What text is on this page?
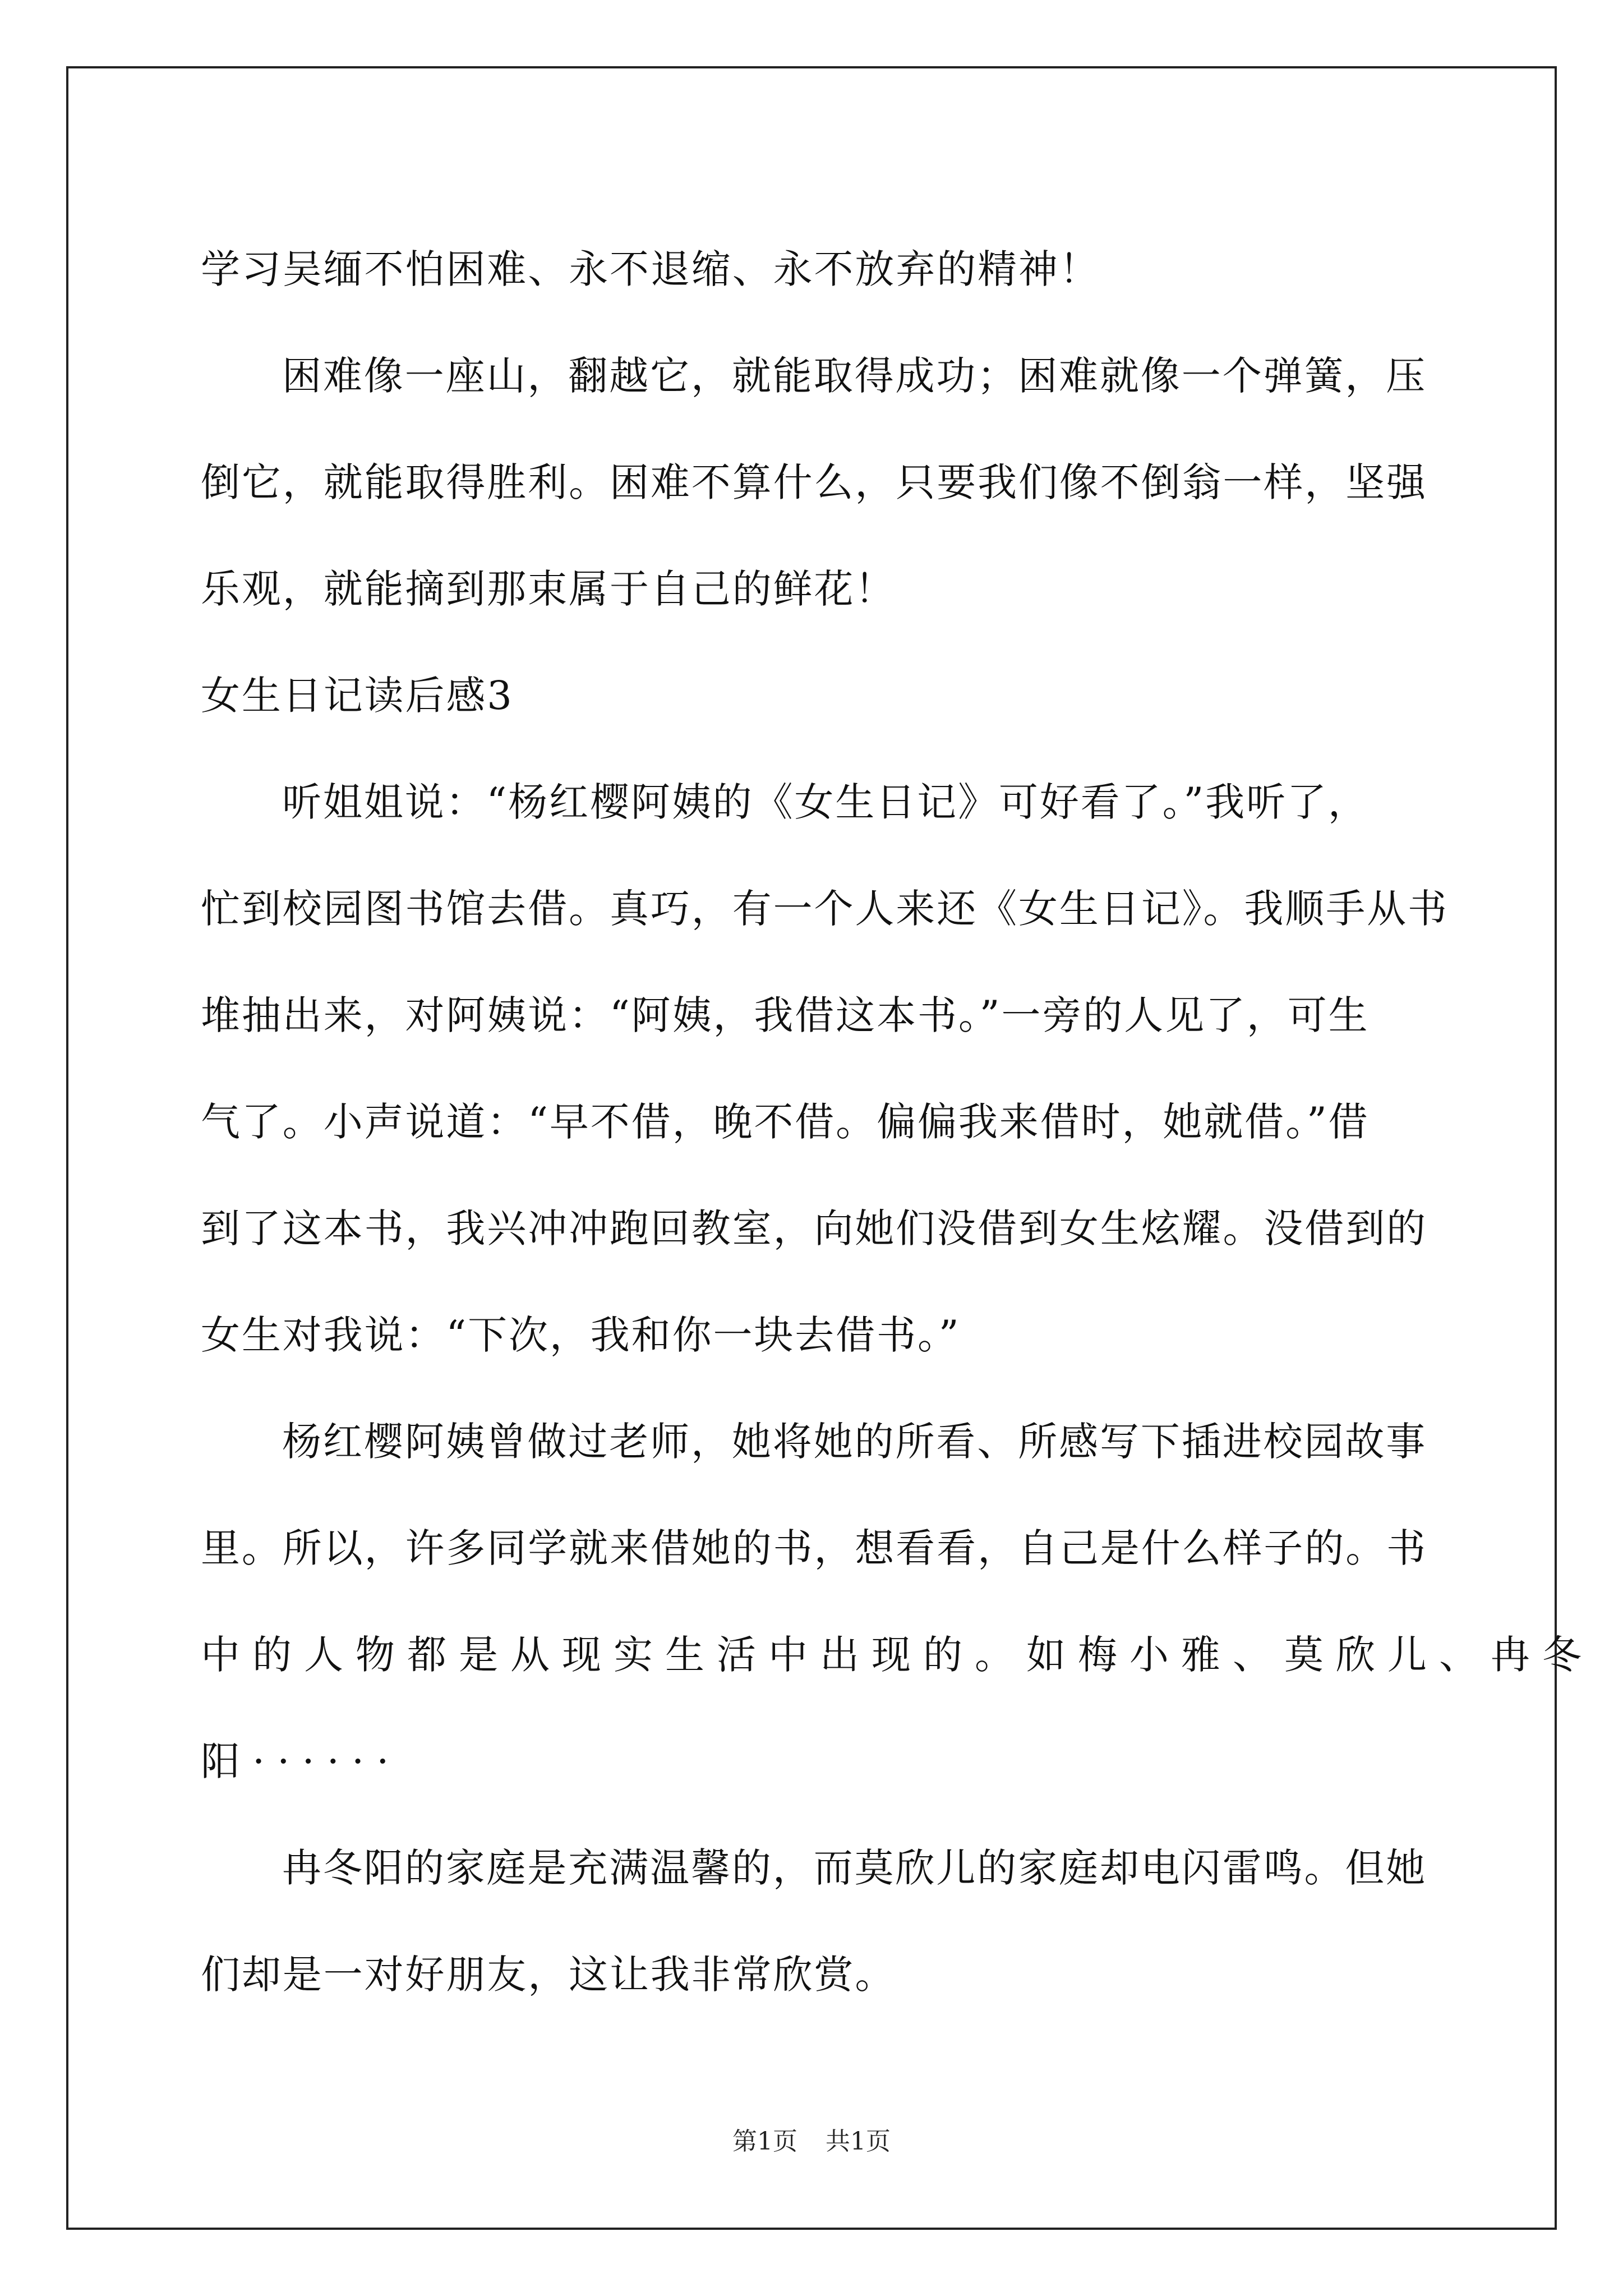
学习吴缅不怕困难、永不退缩、永不放弃的精神！
困难像一座山，翻越它，就能取得成功；困难就像一个弹簧，压
倒它，就能取得胜利。困难不算什么，只要我们像不倒翁一样，坚强
乐观，就能摘到那束属于自己的鲜花！
女生日记读后感3
听姐姐说：“杨红樱阿姨的《女生日记》可好看了。”我听了，
忙到校园图书馆去借。真巧，有一个人来还《女生日记》。我顺手从书
堆抽出来，对阿姨说：“阿姨，我借这本书。”一旁的人见了，可生
气了。小声说道：“早不借，晚不借。偏偏我来借时，她就借。”借
到了这本书，我兴冲冲跑回教室，向她们没借到女生炫耀。没借到的
女生对我说：“下次，我和你一块去借书。”
杨红樱阿姨曾做过老师，她将她的所看、所感写下插进校园故事
里。所以，许多同学就来借她的书，想看看，自己是什么样子的。书
中的人物都是从现实生活中出现的。如梅小雅、莫欣儿、冉冬
阳······
冉冬阳的家庭是充满温馨的，而莫欣儿的家庭却电闪雷鸣。但她
们却是一对好朋友，这让我非常欣赏。
第1页 共1页
